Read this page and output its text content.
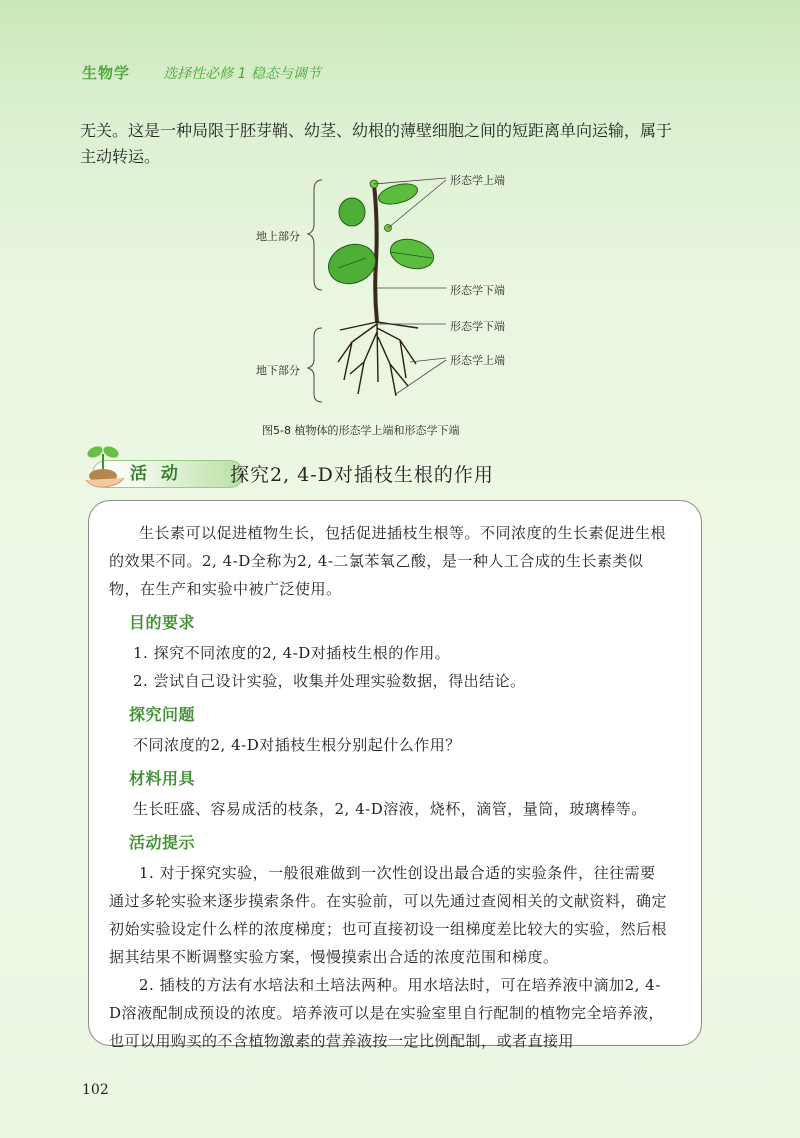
生物学 选择性必修 1 稳态与调节

无关。这是一种局限于胚芽鞘、幼茎、幼根的薄壁细胞之间的短距离单向运输，属于

主动转运。

地上部分
地下部分
形态学上端
形态学下端
形态学下端
形态学上端
图5-8 植物体的形态学上端和形态学下端
活 动	探究2, 4-D对插枝生根的作用

生长素可以促进植物生长，包括促进插枝生根等。不同浓度的生长素促进生根的效果不同。2, 4-D全称为2, 4-二氯苯氧乙酸，是一种人工合成的生长素类似物，在生产和实验中被广泛使用。

目的要求

1. 探究不同浓度的2, 4-D对插枝生根的作用。

2. 尝试自己设计实验，收集并处理实验数据，得出结论。

探究问题

不同浓度的2, 4-D对插枝生根分别起什么作用？

材料用具

生长旺盛、容易成活的枝条，2, 4-D溶液，烧杯，滴管，量筒，玻璃棒等。

活动提示

1. 对于探究实验，一般很难做到一次性创设出最合适的实验条件，往往需要通过多轮实验来逐步摸索条件。在实验前，可以先通过查阅相关的文献资料，确定初始实验设定什么样的浓度梯度；也可直接初设一组梯度差比较大的实验，然后根据其结果不断调整实验方案，慢慢摸索出合适的浓度范围和梯度。

2. 插枝的方法有水培法和土培法两种。用水培法时，可在培养液中滴加2, 4-D溶液配制成预设的浓度。培养液可以是在实验室里自行配制的植物完全培养液，也可以用购买的不含植物激素的营养液按一定比例配制，或者直接用

102
